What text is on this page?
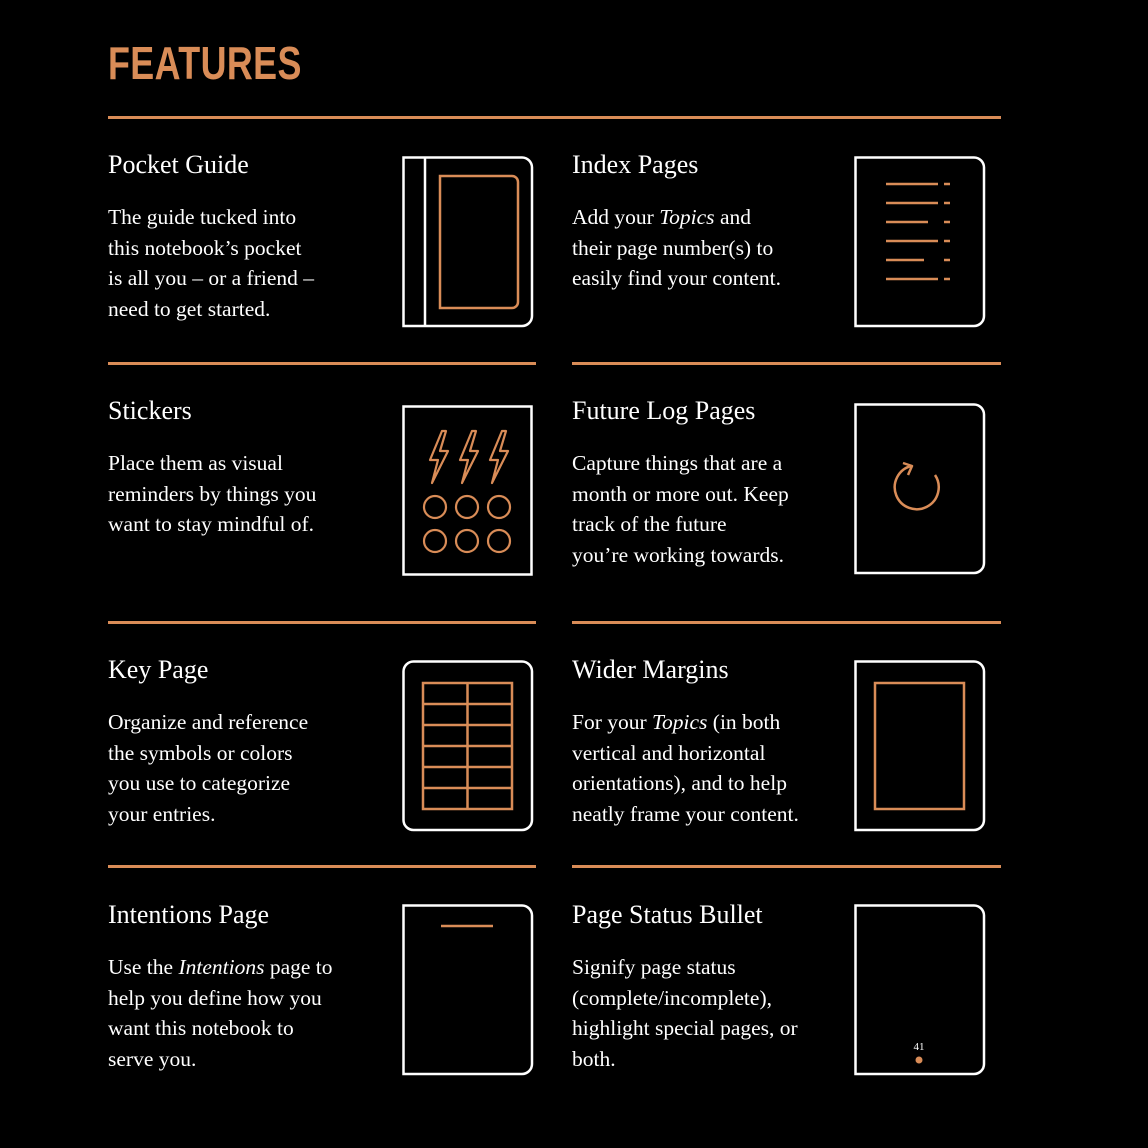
FEATURES
Pocket Guide

The guide tucked into
this notebook’s pocket
is all you – or a friend –
need to get started.

Index Pages

Add your Topics and
their page number(s) to
easily find your content.

Stickers

Place them as visual
reminders by things you
want to stay mindful of.

Future Log Pages

Capture things that are a
month or more out. Keep
track of the future
you’re working towards.

Key Page

Organize and reference
the symbols or colors
you use to categorize
your entries.

Wider Margins

For your Topics (in both
vertical and horizontal
orientations), and to help
neatly frame your content.

Intentions Page

Use the Intentions page to
help you define how you
want this notebook to
serve you.

Page Status Bullet

Signify page status
(complete/incomplete),
highlight special pages, or
both.	41
